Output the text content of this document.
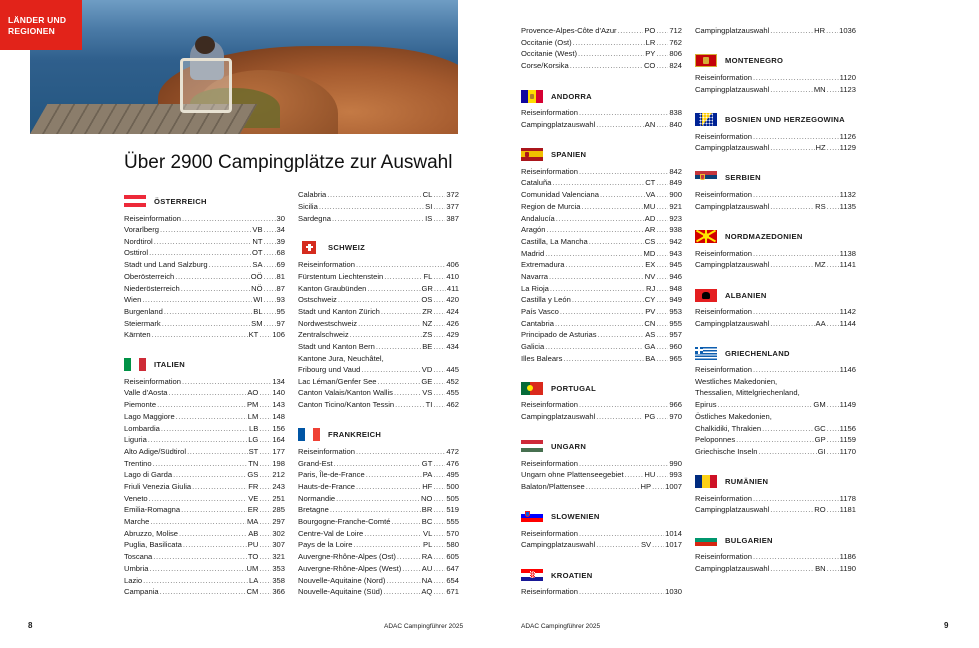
LÄNDER UND
REGIONEN
Über 2900 Campingplätze zur Auswahl
ÖSTERREICH
Reiseinformation .....	30
Vorarlberg .....	VB ..... 34
Nordtirol .....	NT ..... 39
Osttirol .....	OT ..... 68
Stadt und Land Salzburg .....	SA ..... 69
Oberösterreich .....	OÖ ..... 81
Niederösterreich .....	NÖ ..... 87
Wien .....	WI ..... 93
Burgenland .....	BL ..... 95
Steiermark .....	SM ..... 97
Kärnten .....	KT ..... 106
ITALIEN
Reiseinformation .....	134
Valle d'Aosta .....	AO ..... 140
Piemonte .....	PM ..... 143
Lago Maggiore .....	LM ..... 148
Lombardia .....	LB ..... 156
Liguria .....	LG ..... 164
Alto Adige/Südtirol .....	ST ..... 177
Trentino .....	TN ..... 198
Lago di Garda .....	GS ..... 212
Friuli Venezia Giulia .....	FR ..... 243
Veneto .....	VE ..... 251
Emilia-Romagna .....	ER ..... 285
Marche .....	MA ..... 297
Abruzzo, Molise .....	AB ..... 302
Puglia, Basilicata .....	PU ..... 307
Toscana .....	TO ..... 321
Umbria .....	UM ..... 353
Lazio .....	LA ..... 358
Campania .....	CM ..... 366
Calabria .....	CL ..... 372
Sicilia .....	SI ..... 377
Sardegna .....	IS ..... 387
SCHWEIZ
Reiseinformation .....	406
Fürstentum Liechtenstein .....	FL ..... 410
Kanton Graubünden .....	GR ..... 411
Ostschweiz .....	OS ..... 420
Stadt und Kanton Zürich .....	ZR ..... 424
Nordwestschweiz .....	NZ ..... 426
Zentralschweiz .....	ZS ..... 429
Stadt und Kanton Bern .....	BE ..... 434
Kantone Jura, Neuchâtel,
Fribourg und Vaud .....	VD ..... 445
Lac Léman/Genfer See .....	GE ..... 452
Canton Valais/Kanton Wallis .....	VS ..... 455
Canton Ticino/Kanton Tessin .....	TI ..... 462
FRANKREICH
Reiseinformation .....	472
Grand-Est .....	GT ..... 476
Paris, Île-de-France .....	PA ..... 495
Hauts-de-France .....	HF ..... 500
Normandie .....	NO ..... 505
Bretagne .....	BR ..... 519
Bourgogne-Franche-Comté .....	BC ..... 555
Centre-Val de Loire .....	VL ..... 570
Pays de la Loire .....	PL ..... 580
Auvergne-Rhône-Alpes (Ost) .....	RA ..... 605
Auvergne-Rhône-Alpes (West) .....	AU ..... 647
Nouvelle-Aquitaine (Nord) .....	NA ..... 654
Nouvelle-Aquitaine (Süd) .....	AQ ..... 671
Provence-Alpes-Côte d'Azur .....	PO ..... 712
Occitanie (Ost) .....	LR ..... 762
Occitanie (West) .....	PY ..... 806
Corse/Korsika .....	CO ..... 824
ANDORRA
Reiseinformation .....	838
Campingplatzauswahl .....	AN ..... 840
SPANIEN
Reiseinformation .....	842
Cataluña .....	CT ..... 849
Comunidad Valenciana .....	VA ..... 900
Region de Murcia .....	MU ..... 921
Andalucía .....	AD ..... 923
Aragón .....	AR ..... 938
Castilla, La Mancha .....	CS ..... 942
Madrid .....	MD ..... 943
Extremadura .....	EX ..... 945
Navarra .....	NV ..... 946
La Rioja .....	RJ ..... 948
Castilla y León .....	CY ..... 949
País Vasco .....	PV ..... 953
Cantabria .....	CN ..... 955
Principado de Asturias .....	AS ..... 957
Galicia .....	GA ..... 960
Illes Balears .....	BA ..... 965
PORTUGAL
Reiseinformation .....	966
Campingplatzauswahl .....	PG ..... 970
UNGARN
Reiseinformation .....	990
Ungarn ohne Plattenseegebiet .....	HU ..... 993
Balaton/Plattensee .....	HP ..... 1007
SLOWENIEN
Reiseinformation .....	1014
Campingplatzauswahl .....	SV ..... 1017
KROATIEN
Reiseinformation .....	1030
Campingplatzauswahl .....	HR ..... 1036
MONTENEGRO
Reiseinformation .....	1120
Campingplatzauswahl .....	MN ..... 1123
BOSNIEN UND HERZEGOWINA
Reiseinformation .....	1126
Campingplatzauswahl .....	HZ ..... 1129
SERBIEN
Reiseinformation .....	1132
Campingplatzauswahl .....	RS ..... 1135
NORDMAZEDONIEN
Reiseinformation .....	1138
Campingplatzauswahl .....	MZ ..... 1141
ALBANIEN
Reiseinformation .....	1142
Campingplatzauswahl .....	AA ..... 1144
GRIECHENLAND
Reiseinformation .....	1146
Westliches Makedonien,
Thessalien, Mittelgriechenland,
Epirus .....	GM ..... 1149
Östliches Makedonien,
Chalkidiki, Thrakien .....	GC ..... 1156
Peloponnes .....	GP ..... 1159
Griechische Inseln .....	GI ..... 1170
RUMÄNIEN
Reiseinformation .....	1178
Campingplatzauswahl .....	RO ..... 1181
BULGARIEN
Reiseinformation .....	1186
Campingplatzauswahl .....	BN ..... 1190
8	ADAC Campingführer 2025	ADAC Campingführer 2025	9
